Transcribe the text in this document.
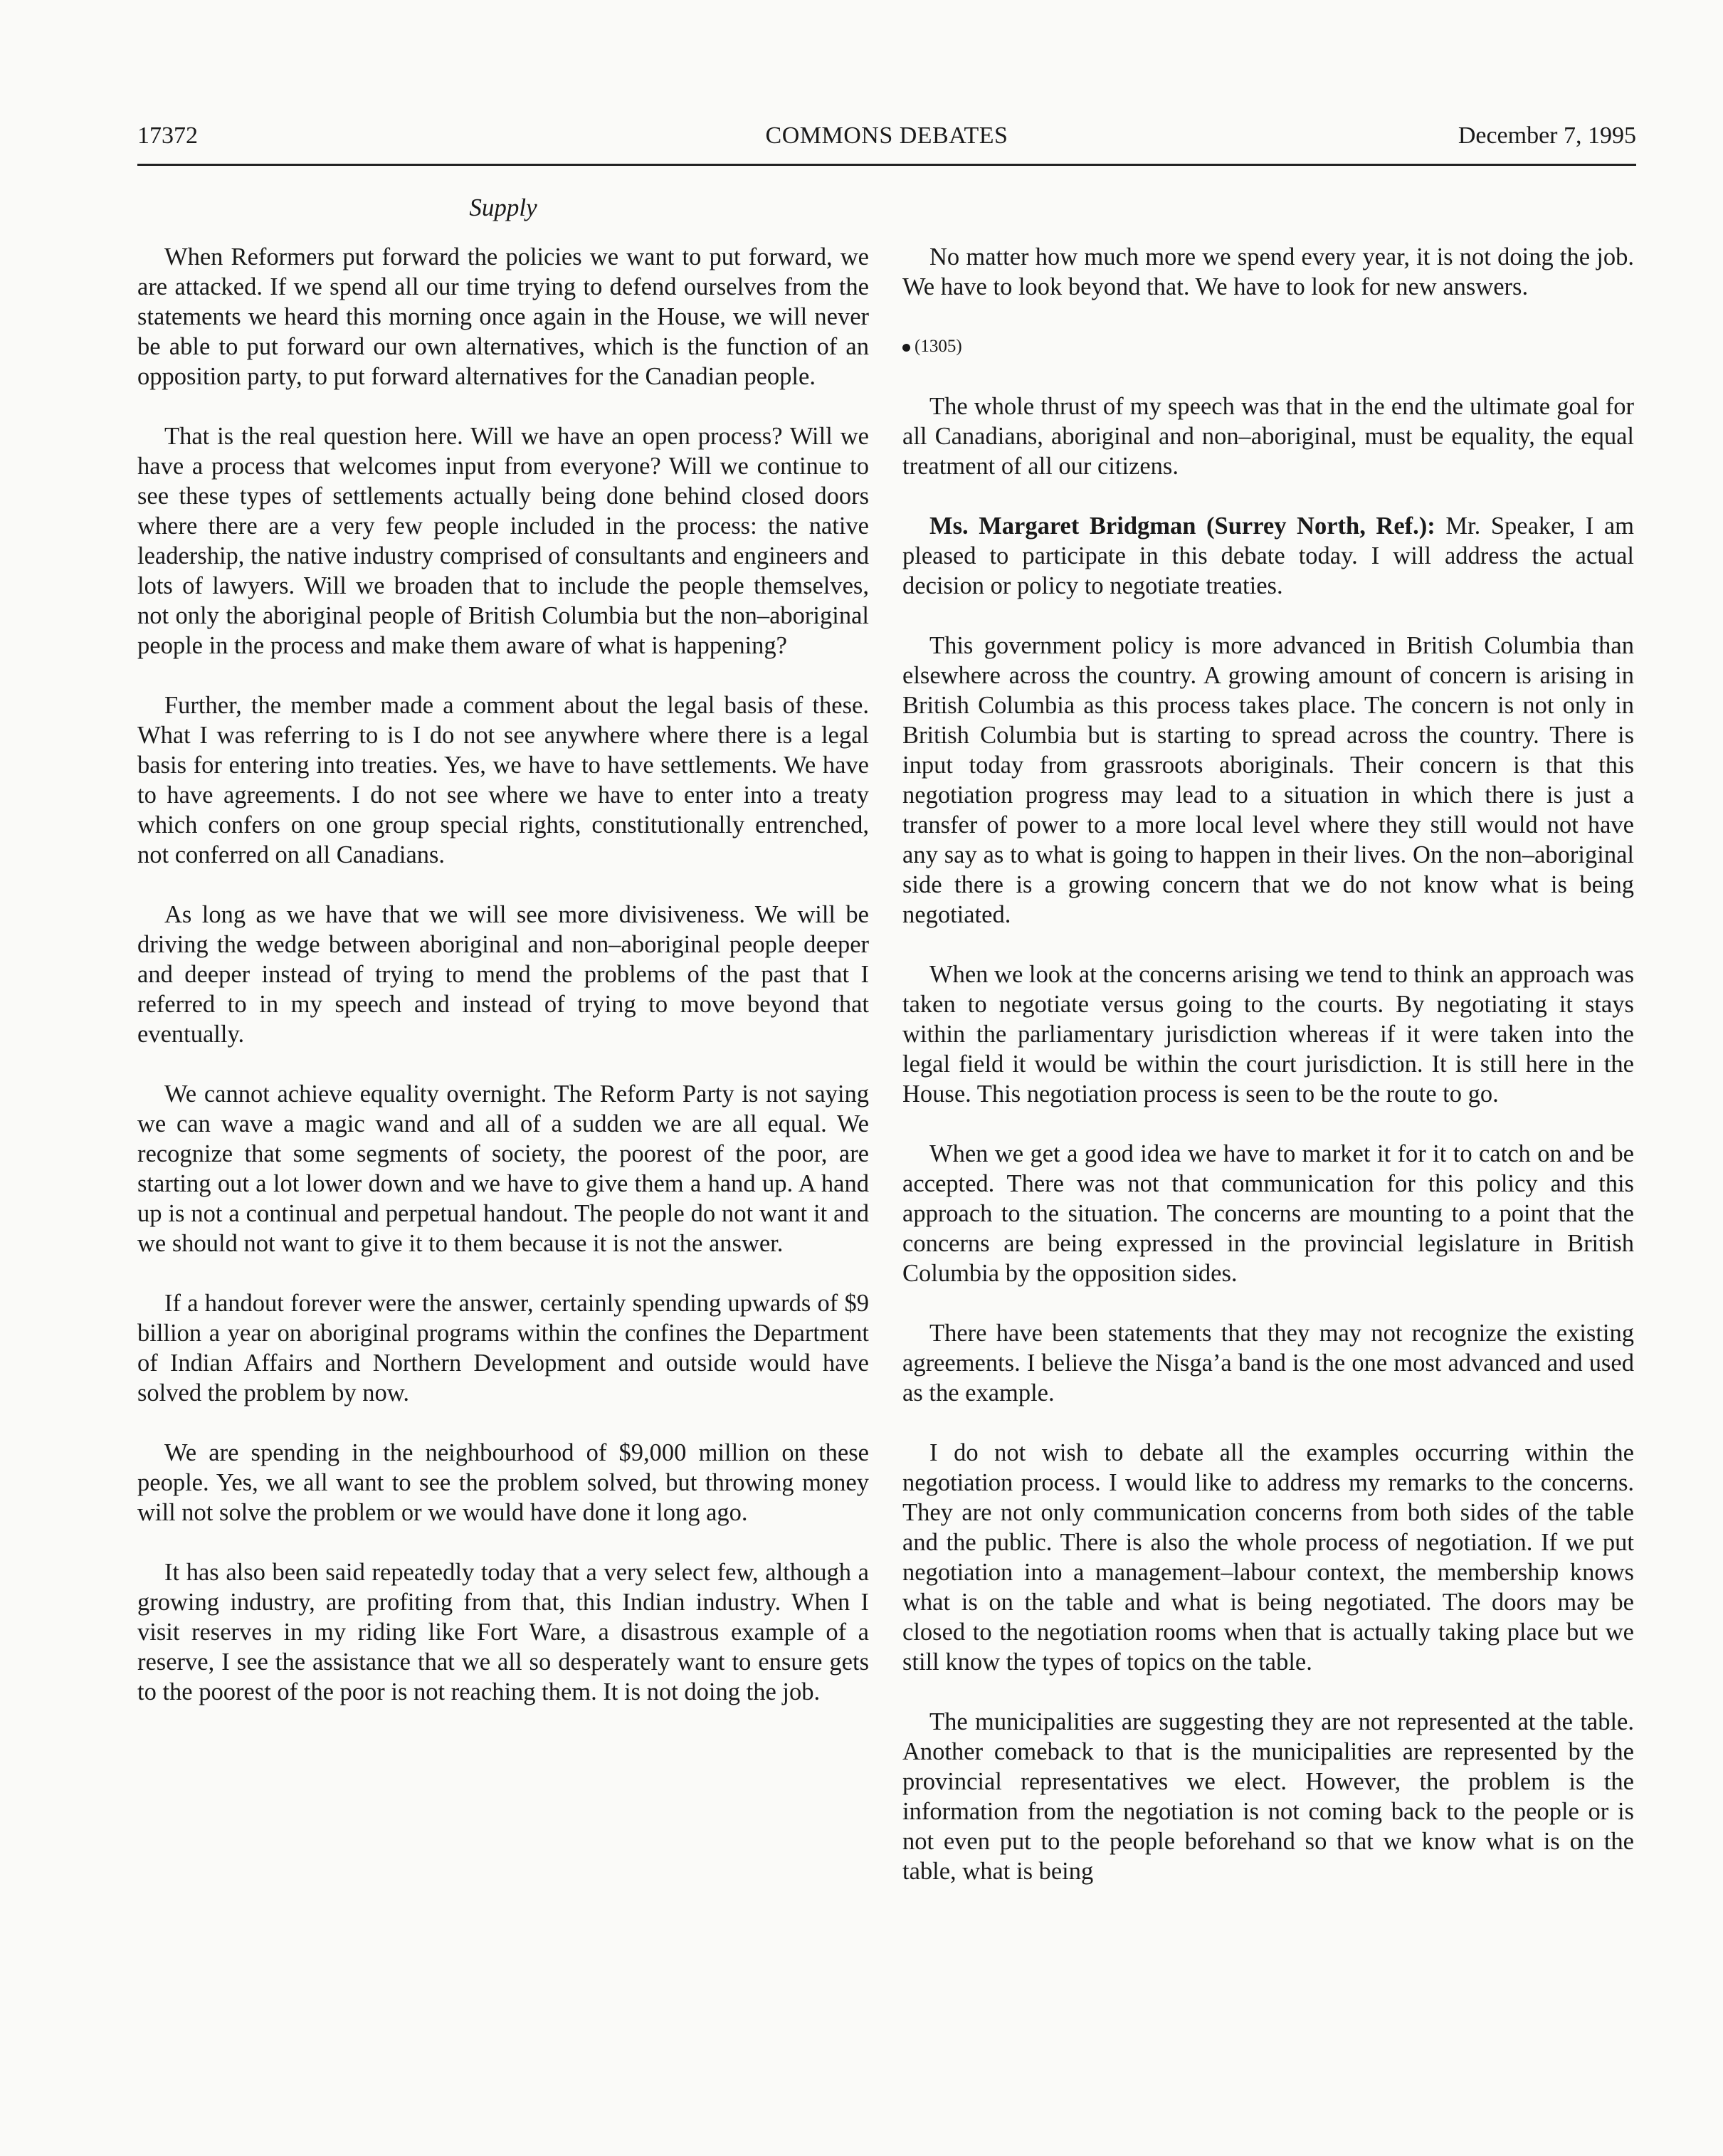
17372	COMMONS DEBATES	December 7, 1995
Supply

When Reformers put forward the policies we want to put forward, we are attacked. If we spend all our time trying to defend ourselves from the statements we heard this morning once again in the House, we will never be able to put forward our own alternatives, which is the function of an opposition party, to put forward alternatives for the Canadian people.

That is the real question here. Will we have an open process? Will we have a process that welcomes input from everyone? Will we continue to see these types of settlements actually being done behind closed doors where there are a very few people included in the process: the native leadership, the native industry comprised of consultants and engineers and lots of lawyers. Will we broaden that to include the people themselves, not only the aboriginal people of British Columbia but the non–aboriginal people in the process and make them aware of what is happening?

Further, the member made a comment about the legal basis of these. What I was referring to is I do not see anywhere where there is a legal basis for entering into treaties. Yes, we have to have settlements. We have to have agreements. I do not see where we have to enter into a treaty which confers on one group special rights, constitutionally entrenched, not conferred on all Canadians.

As long as we have that we will see more divisiveness. We will be driving the wedge between aboriginal and non–aboriginal people deeper and deeper instead of trying to mend the problems of the past that I referred to in my speech and instead of trying to move beyond that eventually.

We cannot achieve equality overnight. The Reform Party is not saying we can wave a magic wand and all of a sudden we are all equal. We recognize that some segments of society, the poorest of the poor, are starting out a lot lower down and we have to give them a hand up. A hand up is not a continual and perpetual handout. The people do not want it and we should not want to give it to them because it is not the answer.

If a handout forever were the answer, certainly spending upwards of $9 billion a year on aboriginal programs within the confines the Department of Indian Affairs and Northern Development and outside would have solved the problem by now.

We are spending in the neighbourhood of $9,000 million on these people. Yes, we all want to see the problem solved, but throwing money will not solve the problem or we would have done it long ago.

It has also been said repeatedly today that a very select few, although a growing industry, are profiting from that, this Indian industry. When I visit reserves in my riding like Fort Ware, a disastrous example of a reserve, I see the assistance that we all so desperately want to ensure gets to the poorest of the poor is not reaching them. It is not doing the job.

No matter how much more we spend every year, it is not doing the job. We have to look beyond that. We have to look for new answers.

(1305)

The whole thrust of my speech was that in the end the ultimate goal for all Canadians, aboriginal and non–aboriginal, must be equality, the equal treatment of all our citizens.

Ms. Margaret Bridgman (Surrey North, Ref.): Mr. Speaker, I am pleased to participate in this debate today. I will address the actual decision or policy to negotiate treaties.

This government policy is more advanced in British Columbia than elsewhere across the country. A growing amount of concern is arising in British Columbia as this process takes place. The concern is not only in British Columbia but is starting to spread across the country. There is input today from grassroots aboriginals. Their concern is that this negotiation progress may lead to a situation in which there is just a transfer of power to a more local level where they still would not have any say as to what is going to happen in their lives. On the non–aboriginal side there is a growing concern that we do not know what is being negotiated.

When we look at the concerns arising we tend to think an approach was taken to negotiate versus going to the courts. By negotiating it stays within the parliamentary jurisdiction whereas if it were taken into the legal field it would be within the court jurisdiction. It is still here in the House. This negotiation process is seen to be the route to go.

When we get a good idea we have to market it for it to catch on and be accepted. There was not that communication for this policy and this approach to the situation. The concerns are mounting to a point that the concerns are being expressed in the provincial legislature in British Columbia by the opposition sides.

There have been statements that they may not recognize the existing agreements. I believe the Nisga’a band is the one most advanced and used as the example.

I do not wish to debate all the examples occurring within the negotiation process. I would like to address my remarks to the concerns. They are not only communication concerns from both sides of the table and the public. There is also the whole process of negotiation. If we put negotiation into a management–labour context, the membership knows what is on the table and what is being negotiated. The doors may be closed to the negotiation rooms when that is actually taking place but we still know the types of topics on the table.

The municipalities are suggesting they are not represented at the table. Another comeback to that is the municipalities are represented by the provincial representatives we elect. However, the problem is the information from the negotiation is not coming back to the people or is not even put to the people beforehand so that we know what is on the table, what is being
